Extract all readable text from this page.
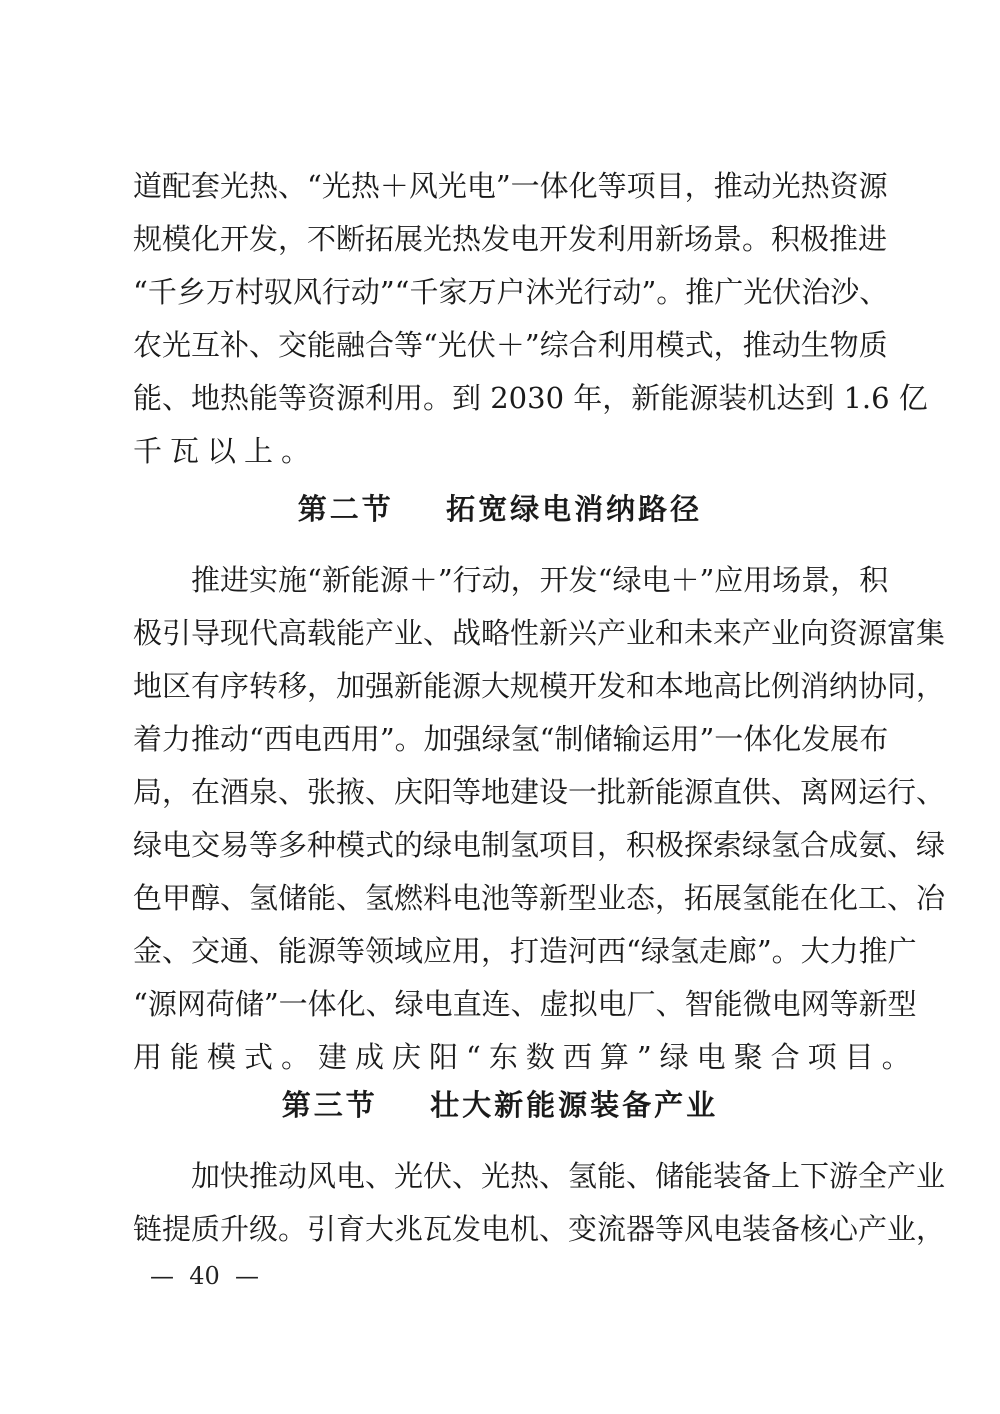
道配套光热、“光热＋风光电”一体化等项目，推动光热资源
规模化开发，不断拓展光热发电开发利用新场景。积极推进
“千乡万村驭风行动”“千家万户沐光行动”。推广光伏治沙、
农光互补、交能融合等“光伏＋”综合利用模式，推动生物质
能、地热能等资源利用。到 2030 年，新能源装机达到 1.6 亿
千瓦以上。
第二节    拓宽绿电消纳路径
　　推进实施“新能源＋”行动，开发“绿电＋”应用场景，积
极引导现代高载能产业、战略性新兴产业和未来产业向资源富集
地区有序转移，加强新能源大规模开发和本地高比例消纳协同，
着力推动“西电西用”。加强绿氢“制储输运用”一体化发展布
局，在酒泉、张掖、庆阳等地建设一批新能源直供、离网运行、
绿电交易等多种模式的绿电制氢项目，积极探索绿氢合成氨、绿
色甲醇、氢储能、氢燃料电池等新型业态，拓展氢能在化工、冶
金、交通、能源等领域应用，打造河西“绿氢走廊”。大力推广
“源网荷储”一体化、绿电直连、虚拟电厂、智能微电网等新型
用能模式。建成庆阳“东数西算”绿电聚合项目。
第三节    壮大新能源装备产业
　　加快推动风电、光伏、光热、氢能、储能装备上下游全产业
链提质升级。引育大兆瓦发电机、变流器等风电装备核心产业，
—  40  —
